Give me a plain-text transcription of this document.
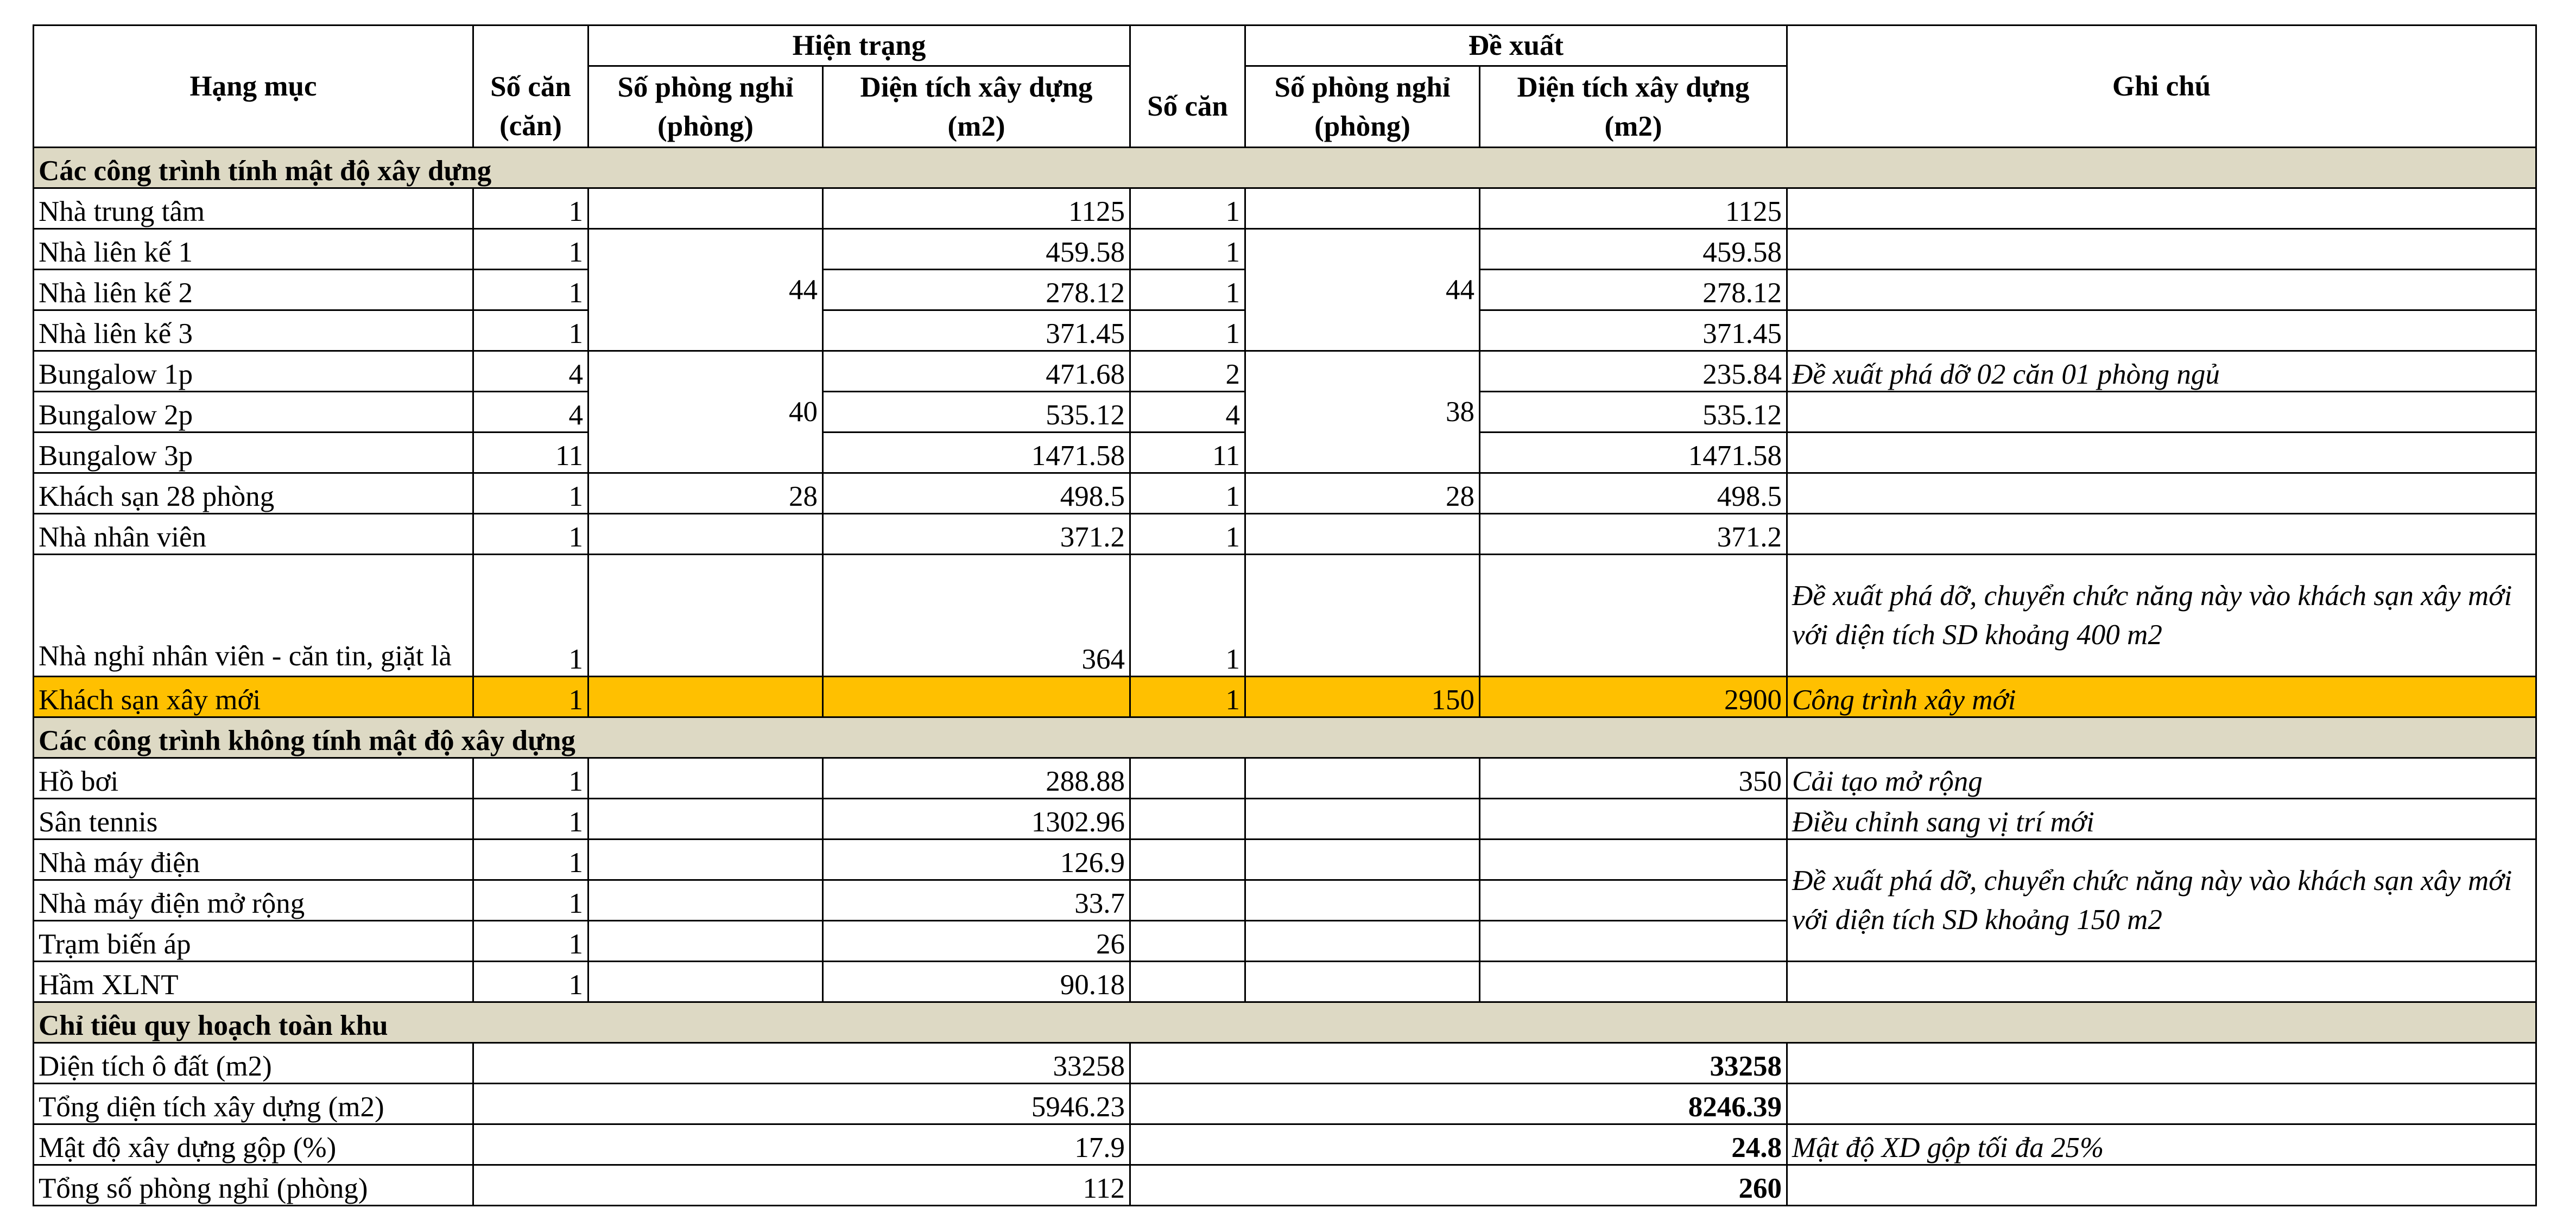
Hạng mục		Hiện trạng			Đề xuất		Ghi chú
	Số căn (căn)	Số phòng nghỉ (phòng)	Diện tích xây dựng (m2)	Số căn	Số phòng nghỉ (phòng)	Diện tích xây dựng (m2)	
Các công trình tính mật độ xây dựng							
Nhà trung tâm	1		1125	1		1125	
Nhà liên kế 1	1	44	459.58	1	44	459.58	
Nhà liên kế 2	1		278.12	1		278.12	
Nhà liên kế 3	1		371.45	1		371.45	
Bungalow 1p	4	40	471.68	2	38	235.84	Đề xuất phá dỡ 02 căn 01 phòng ngủ
Bungalow 2p	4		535.12	4		535.12	
Bungalow 3p	11		1471.58	11		1471.58	
Khách sạn 28 phòng	1	28	498.5	1	28	498.5	
Nhà nhân viên	1		371.2	1		371.2	
Nhà nghỉ nhân viên - căn tin, giặt là	1		364	1			Đề xuất phá dỡ, chuyển chức năng này vào khách sạn xây mới với diện tích SD khoảng 400 m2
Khách sạn xây mới	1			1	150	2900	Công trình xây mới
Các công trình không tính mật độ xây dựng							
Hồ bơi	1		288.88			350	Cải tạo mở rộng
Sân tennis	1		1302.96				Điều chỉnh sang vị trí mới
Nhà máy điện	1		126.9				Đề xuất phá dỡ, chuyển chức năng này vào khách sạn xây mới với diện tích SD khoảng 150 m2
Nhà máy điện mở rộng	1		33.7				
Trạm biến áp	1		26				
Hầm XLNT	1		90.18				
Chỉ tiêu quy hoạch toàn khu							
Diện tích ô đất (m2)	33258			33258			
Tổng diện tích xây dựng (m2)	5946.23			8246.39			
Mật độ xây dựng gộp (%)	17.9			24.8			Mật độ XD gộp tối đa 25%
Tổng số phòng nghỉ (phòng)	112			260			
